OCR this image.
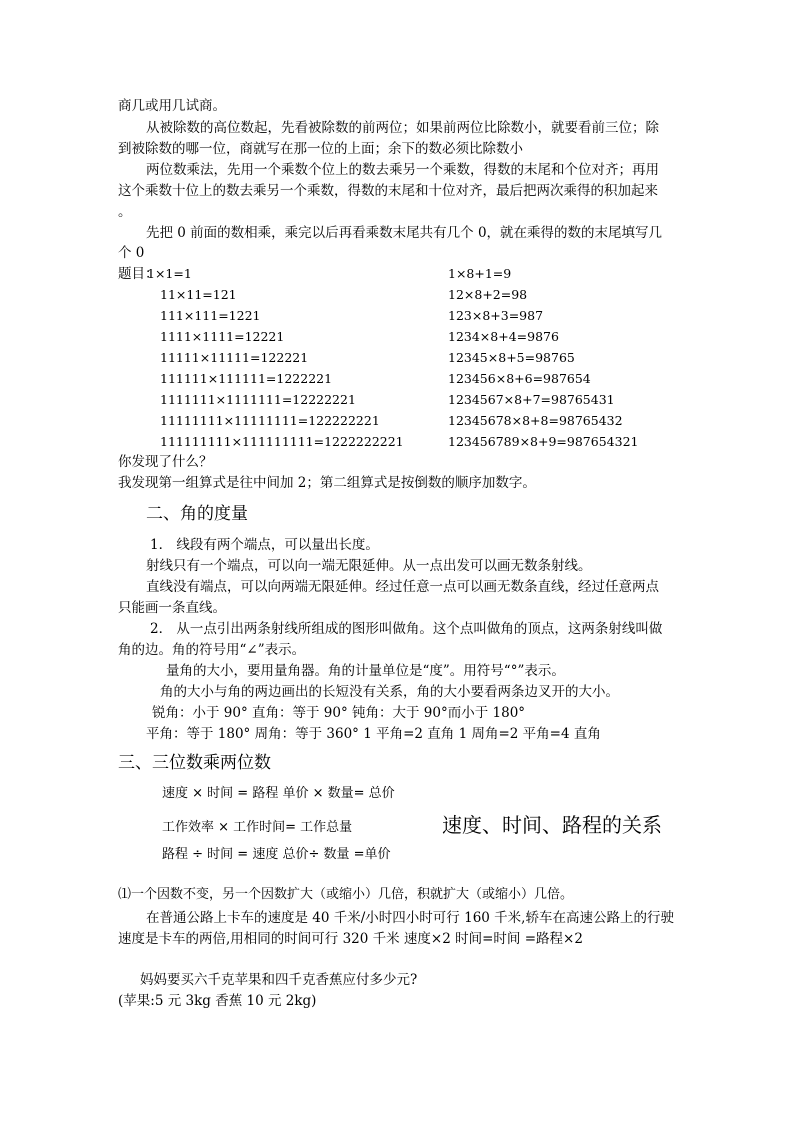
商几或用几试商。
从被除数的高位数起，先看被除数的前两位；如果前两位比除数小，就要看前三位；除
到被除数的哪一位，商就写在那一位的上面；余下的数必须比除数小
两位数乘法，先用一个乘数个位上的数去乘另一个乘数，得数的末尾和个位对齐；再用
这个乘数十位上的数去乘另一个乘数，得数的末尾和十位对齐，最后把两次乘得的积加起来
。
先把 0 前面的数相乘，乘完以后再看乘数末尾共有几个 0，就在乘得的数的末尾填写几
个 0
题目：
1×1=1
11×11=121
111×111=1221
1111×1111=12221
11111×11111=122221
111111×111111=1222221
1111111×1111111=12222221
11111111×11111111=122222221
111111111×111111111=1222222221
1×8+1=9
12×8+2=98
123×8+3=987
1234×8+4=9876
12345×8+5=98765
123456×8+6=987654
1234567×8+7=98765431
12345678×8+8=98765432
123456789×8+9=987654321
你发现了什么？
我发现第一组算式是往中间加 2；第二组算式是按倒数的顺序加数字。
二、角的度量
1． 线段有两个端点，可以量出长度。
射线只有一个端点，可以向一端无限延伸。从一点出发可以画无数条射线。
直线没有端点，可以向两端无限延伸。经过任意一点可以画无数条直线，经过任意两点
只能画一条直线。
2． 从一点引出两条射线所组成的图形叫做角。这个点叫做角的顶点，这两条射线叫做
角的边。角的符号用“∠”表示。
量角的大小，要用量角器。角的计量单位是“度”。用符号“°”表示。
角的大小与角的两边画出的长短没有关系，角的大小要看两条边叉开的大小。
锐角：小于 90° 直角：等于 90° 钝角：大于 90°而小于 180°
平角：等于 180° 周角：等于 360° 1 平角=2 直角 1 周角=2 平角=4 直角
三、三位数乘两位数
速度 × 时间 = 路程 单价 × 数量= 总价
工作效率 × 工作时间= 工作总量	速度、时间、路程的关系
路程 ÷ 时间 = 速度 总价÷ 数量 =单价
⑴一个因数不变，另一个因数扩大（或缩小）几倍，积就扩大（或缩小）几倍。
在普通公路上卡车的速度是 40 千米/小时四小时可行 160 千米,轿车在高速公路上的行驶
速度是卡车的两倍,用相同的时间可行 320 千米 速度×2 时间=时间 =路程×2
妈妈要买六千克苹果和四千克香蕉应付多少元?
(苹果:5 元 3kg 香蕉 10 元 2kg)
